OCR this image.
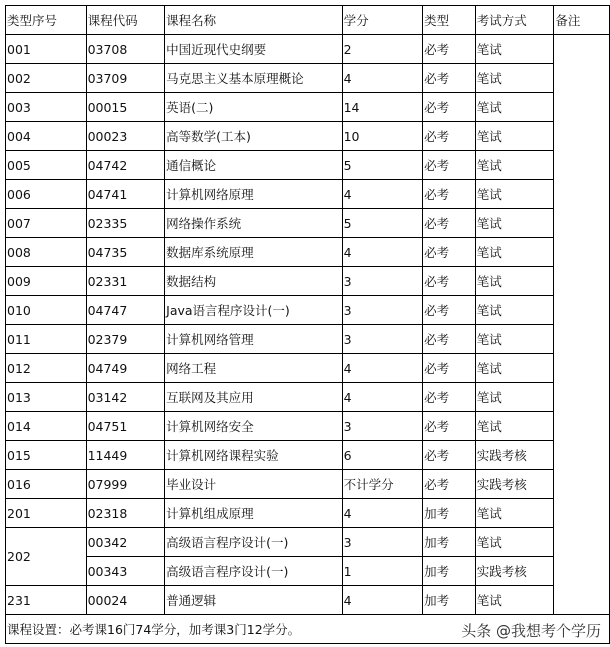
类型序号	课程代码	课程名称	学分	类型	考试方式	备注
001	03708	中国近现代史纲要	2	必考	笔试	
002	03709	马克思主义基本原理概论	4	必考	笔试	
003	00015	英语(二)	14	必考	笔试	
004	00023	高等数学(工本)	10	必考	笔试	
005	04742	通信概论	5	必考	笔试	
006	04741	计算机网络原理	4	必考	笔试	
007	02335	网络操作系统	5	必考	笔试	
008	04735	数据库系统原理	4	必考	笔试	
009	02331	数据结构	3	必考	笔试	
010	04747	Java语言程序设计(一)	3	必考	笔试	
011	02379	计算机网络管理	3	必考	笔试	
012	04749	网络工程	4	必考	笔试	
013	03142	互联网及其应用	4	必考	笔试	
014	04751	计算机网络安全	3	必考	笔试	
015	11449	计算机网络课程实验	6	必考	实践考核	
016	07999	毕业设计	不计学分	必考	实践考核	
201	02318	计算机组成原理	4	加考	笔试	
202	00342	高级语言程序设计(一)	3	加考	笔试	
	00343	高级语言程序设计(一)	1	加考	实践考核	
231	00024	普通逻辑	4	加考	笔试	
课程设置：必考课16门74学分，加考课3门12学分。 头条 @我想考个学历						
